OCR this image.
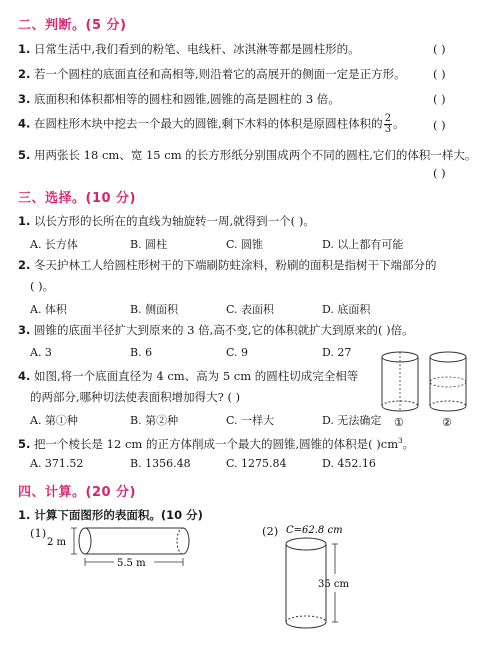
二、判断。(5 分)
1. 日常生活中,我们看到的粉笔、电线杆、冰淇淋等都是圆柱形的。	( )
2. 若一个圆柱的底面直径和高相等,则沿着它的高展开的侧面一定是正方形。 ( )
3. 底面积和体积都相等的圆柱和圆锥,圆锥的高是圆柱的 3 倍。	( )
4. 在圆柱形木块中挖去一个最大的圆锥,剩下木料的体积是原圆柱体积的 $\frac{2}{3}$ 。 ( )
5. 用两张长 18 cm、宽 15 cm 的长方形纸分别围成两个不同的圆柱,它们的体积一样大。
( )
三、选择。(10 分)
1. 以长方形的长所在的直线为轴旋转一周,就得到一个( )。
A. 长方体	B. 圆柱	C. 圆锥	D. 以上都有可能
2. 冬天护林工人给圆柱形树干的下端刷防蛀涂料，粉刷的面积是指树干下端部分的
( )。
A. 体积	B. 侧面积	C. 表面积	D. 底面积
3. 圆锥的底面半径扩大到原来的 3 倍,高不变,它的体积就扩大到原来的( )倍。
A. 3	B. 6	C. 9	D. 27
4. 如图,将一个底面直径为 4 cm、高为 5 cm 的圆柱切成完全相等
的两部分,哪种切法使表面积增加得大? ( )
A. 第①种	B. 第②种	C. 一样大	D. 无法确定 ①	②
5. 把一个棱长是 12 cm 的正方体削成一个最大的圆锥,圆锥的体积是( )$cm^3$。
A. 371.52	B. 1356.48	C. 1275.84	D. 452.16
四、计算。(20 分)
1. 计算下面图形的表面积。(10 分)
(1)
2 m
5.5 m
(2) C=62.8 cm
35 cm
